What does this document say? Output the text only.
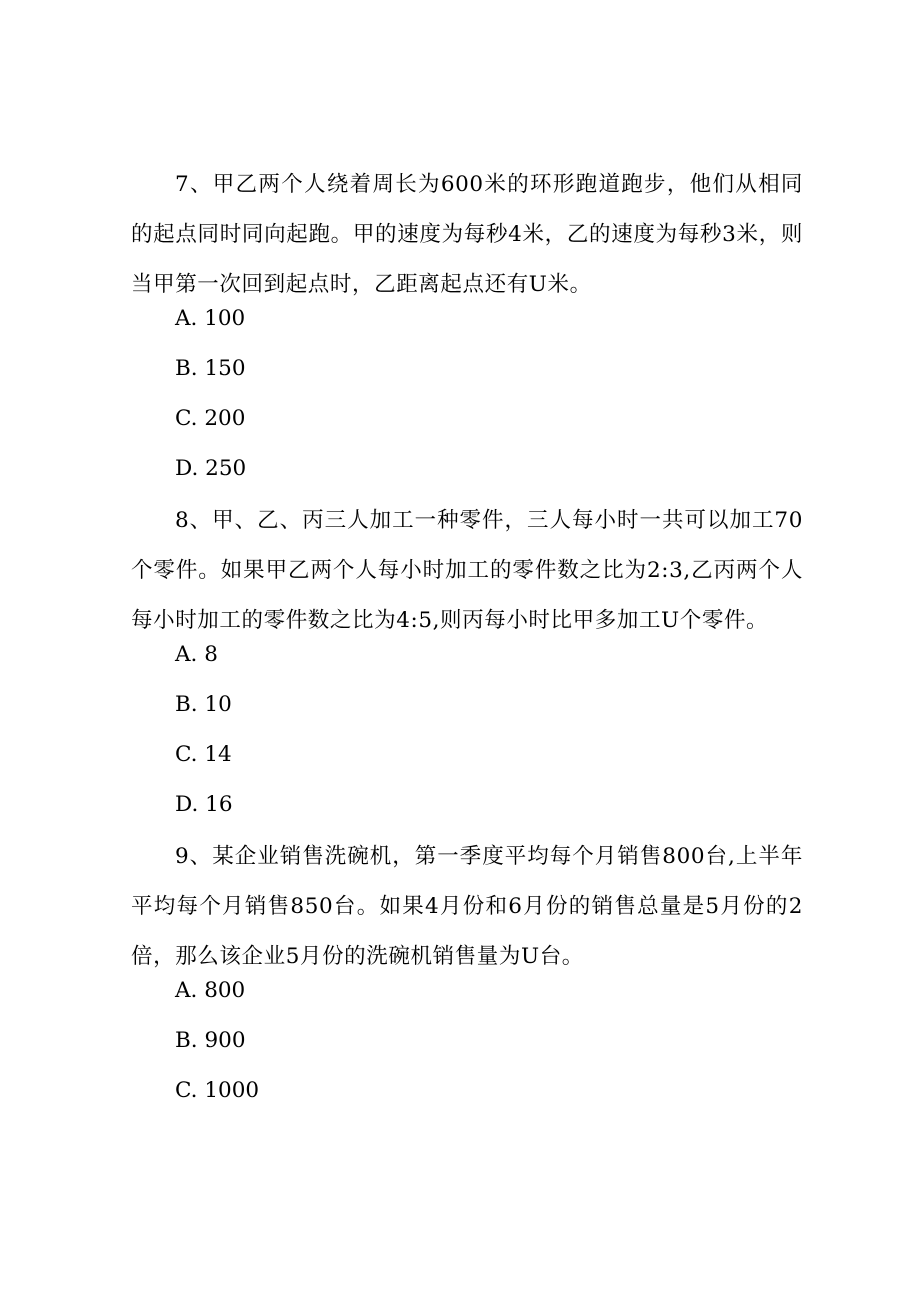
7、甲乙两个人绕着周长为600米的环形跑道跑步，他们从相同的起点同时同向起跑。甲的速度为每秒4米，乙的速度为每秒3米，则当甲第一次回到起点时，乙距离起点还有U米。

A. 100

B. 150

C. 200

D. 250

8、甲、乙、丙三人加工一种零件，三人每小时一共可以加工70个零件。如果甲乙两个人每小时加工的零件数之比为2:3,乙丙两个人每小时加工的零件数之比为4:5,则丙每小时比甲多加工U个零件。

A. 8

B. 10

C. 14

D. 16

9、某企业销售洗碗机，第一季度平均每个月销售800台,上半年平均每个月销售850台。如果4月份和6月份的销售总量是5月份的2倍，那么该企业5月份的洗碗机销售量为U台。

A. 800

B. 900

C. 1000
